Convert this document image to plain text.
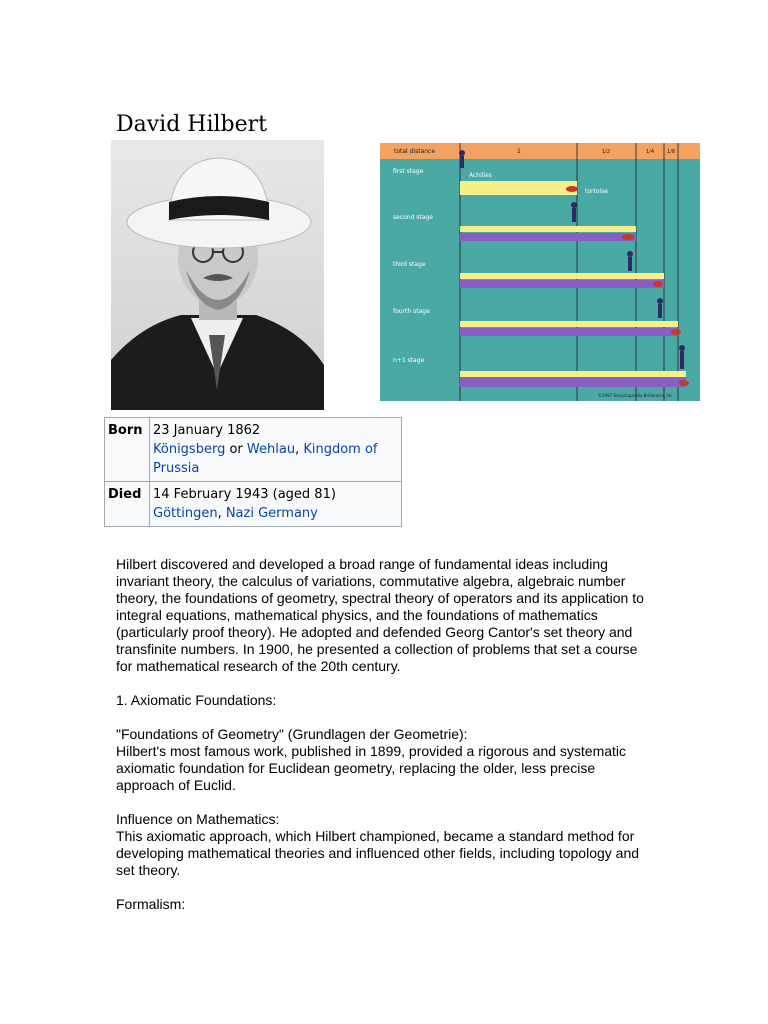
David Hilbert
total distance	1	1/2	1/4	1/8
first stage
second stage
third stage
fourth stage
n+1 stage
Achilles
tortoise
©1997 Encyclopaedia Britannica, Inc.
Born	23 January 1862
Königsberg or Wehlau, Kingdom of Prussia
Died	14 February 1943 (aged 81)
Göttingen, Nazi Germany

Hilbert discovered and developed a broad range of fundamental ideas including invariant theory, the calculus of variations, commutative algebra, algebraic number theory, the foundations of geometry, spectral theory of operators and its application to integral equations, mathematical physics, and the foundations of mathematics (particularly proof theory). He adopted and defended Georg Cantor's set theory and transfinite numbers. In 1900, he presented a collection of problems that set a course for mathematical research of the 20th century.

1. Axiomatic Foundations:

"Foundations of Geometry" (Grundlagen der Geometrie):
Hilbert's most famous work, published in 1899, provided a rigorous and systematic axiomatic foundation for Euclidean geometry, replacing the older, less precise approach of Euclid.

Influence on Mathematics:
This axiomatic approach, which Hilbert championed, became a standard method for developing mathematical theories and influenced other fields, including topology and set theory.

Formalism:
